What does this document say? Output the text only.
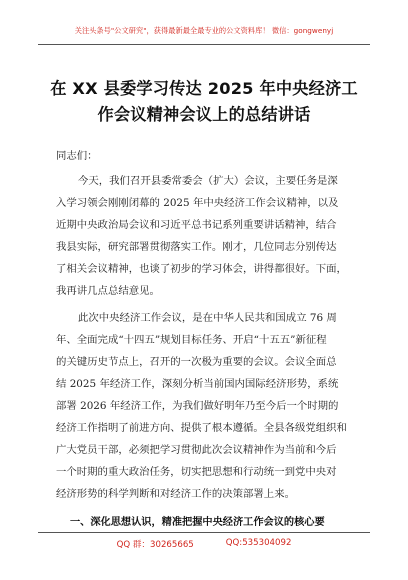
关注头条号"公文研究"，获得最新最全最专业的公文资料库！ 微信：gongwenyj
在 XX 县委学习传达 2025 年中央经济工
作会议精神会议上的总结讲话
同志们：
今天，我们召开县委常委会（扩大）会议，主要任务是深
入学习领会刚刚闭幕的 2025 年中央经济工作会议精神，以及
近期中央政治局会议和习近平总书记系列重要讲话精神，结合
我县实际，研究部署贯彻落实工作。刚才，几位同志分别传达
了相关会议精神，也谈了初步的学习体会，讲得都很好。下面，
我再讲几点总结意见。
此次中央经济工作会议，是在中华人民共和国成立 76 周
年、全面完成“十四五”规划目标任务、开启“十五五”新征程
的关键历史节点上，召开的一次极为重要的会议。会议全面总
结 2025 年经济工作，深刻分析当前国内国际经济形势，系统
部署 2026 年经济工作，为我们做好明年乃至今后一个时期的
经济工作指明了前进方向、提供了根本遵循。全县各级党组织和
广大党员干部，必须把学习贯彻此次会议精神作为当前和今后
一个时期的重大政治任务，切实把思想和行动统一到党中央对
经济形势的科学判断和对经济工作的决策部署上来。
一、深化思想认识，精准把握中央经济工作会议的核心要
QQ 群：30265665	QQ:535304092
